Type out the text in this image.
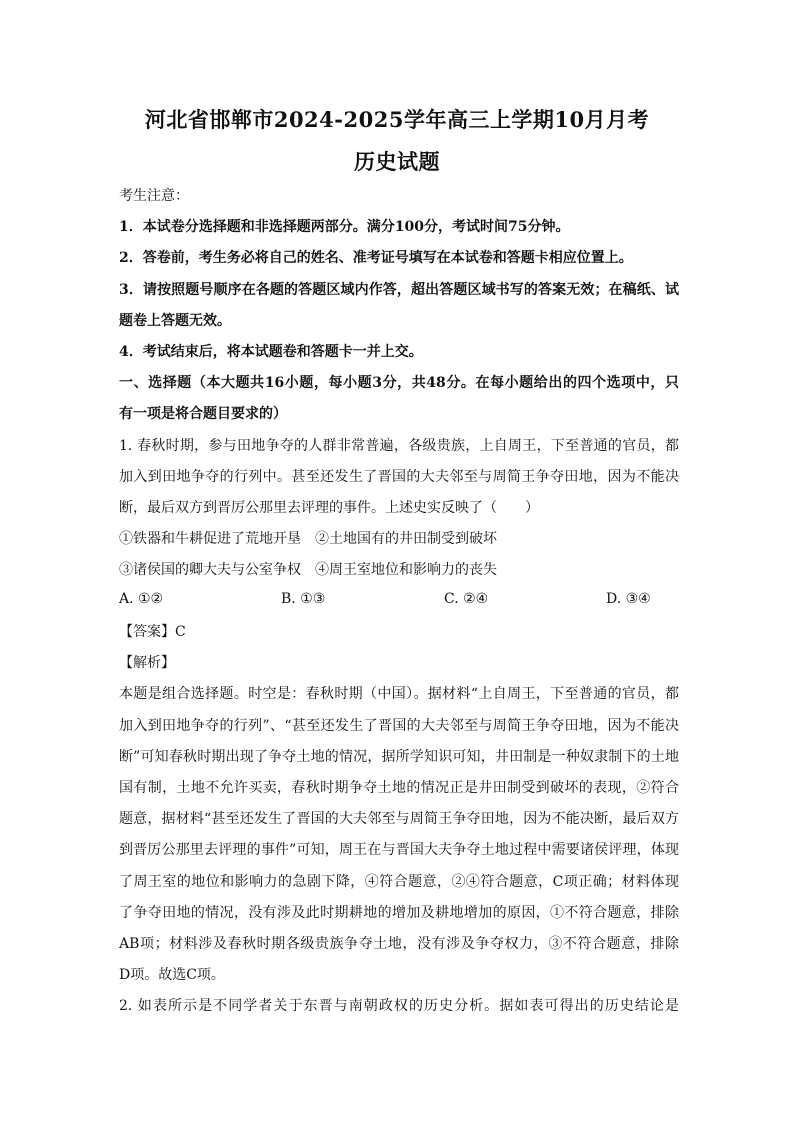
河北省邯郸市2024-2025学年高三上学期10月月考
历史试题
考生注意：
1．本试卷分选择题和非选择题两部分。满分100分，考试时间75分钟。
2．答卷前，考生务必将自己的姓名、准考证号填写在本试卷和答题卡相应位置上。
3．请按照题号顺序在各题的答题区域内作答，超出答题区域书写的答案无效；在稿纸、试
题卷上答题无效。
4．考试结束后，将本试题卷和答题卡一并上交。
一、选择题（本大题共16小题，每小题3分，共48分。在每小题给出的四个选项中，只
有一项是将合题目要求的）
1. 春秋时期，参与田地争夺的人群非常普遍，各级贵族，上自周王，下至普通的官员，都
加入到田地争夺的行列中。甚至还发生了晋国的大夫邻至与周简王争夺田地，因为不能决
断，最后双方到晋厉公那里去评理的事件。上述史实反映了（　　）
①铁器和牛耕促进了荒地开垦　②土地国有的井田制受到破坏
③诸侯国的卿大夫与公室争权　④周王室地位和影响力的丧失
A. ①②	B. ①③	C. ②④	D. ③④
【答案】C
【解析】
本题是组合选择题。时空是：春秋时期（中国）。据材料“上自周王，下至普通的官员，都
加入到田地争夺的行列”、“甚至还发生了晋国的大夫邻至与周简王争夺田地，因为不能决
断”可知春秋时期出现了争夺土地的情况，据所学知识可知，井田制是一种奴隶制下的土地
国有制，土地不允许买卖，春秋时期争夺土地的情况正是井田制受到破坏的表现，②符合
题意，据材料“甚至还发生了晋国的大夫邻至与周简王争夺田地，因为不能决断，最后双方
到晋厉公那里去评理的事件”可知，周王在与晋国大夫争夺土地过程中需要诸侯评理，体现
了周王室的地位和影响力的急剧下降，④符合题意，②④符合题意，C项正确；材料体现
了争夺田地的情况，没有涉及此时期耕地的增加及耕地增加的原因，①不符合题意，排除
AB项；材料涉及春秋时期各级贵族争夺土地，没有涉及争夺权力，③不符合题意，排除
D项。故选C项。
2. 如表所示是不同学者关于东晋与南朝政权的历史分析。据如表可得出的历史结论是
